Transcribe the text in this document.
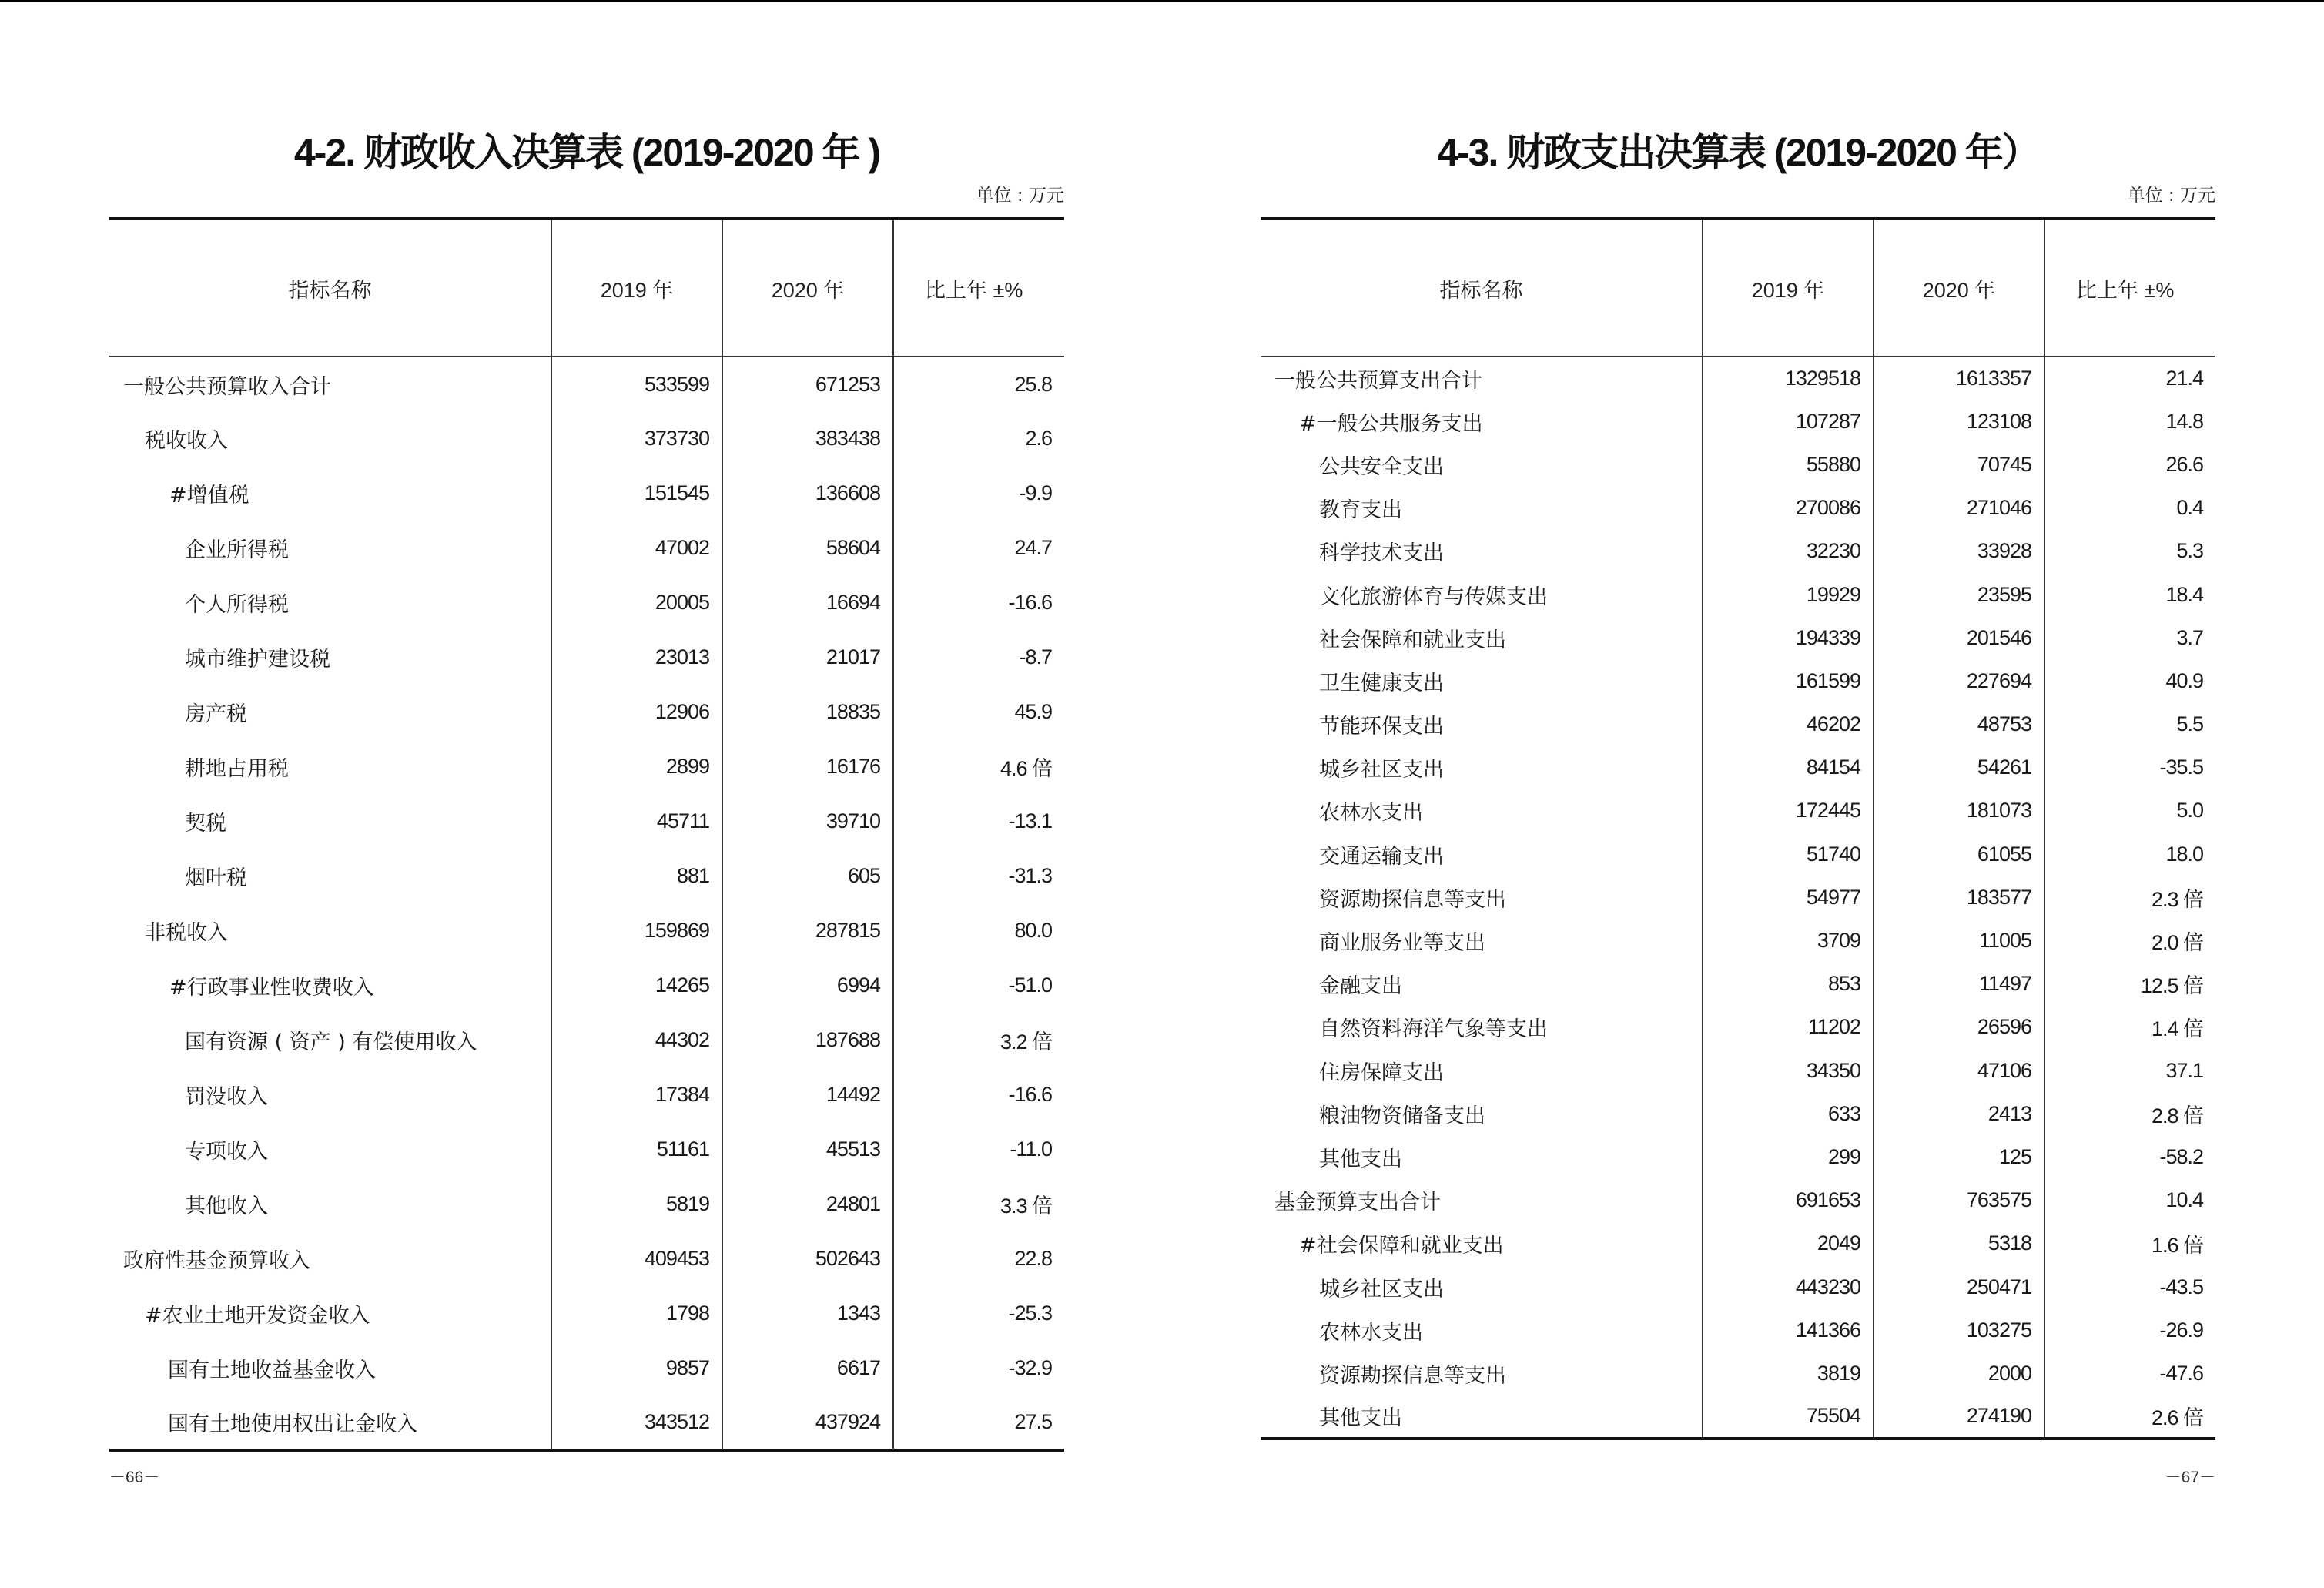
4-2. 财政收入决算表 (2019-2020 年 )
单位 : 万元
指标名称	2019 年	2020 年	比上年 ±%
一般公共预算收入合计	533599	671253	25.8
税收收入	373730	383438	2.6
#增值税	151545	136608	-9.9
企业所得税	47002	58604	24.7
个人所得税	20005	16694	-16.6
城市维护建设税	23013	21017	-8.7
房产税	12906	18835	45.9
耕地占用税	2899	16176	4.6 倍
契税	45711	39710	-13.1
烟叶税	881	605	-31.3
非税收入	159869	287815	80.0
#行政事业性收费收入	14265	6994	-51.0
国有资源 ( 资产 ) 有偿使用收入	44302	187688	3.2 倍
罚没收入	17384	14492	-16.6
专项收入	51161	45513	-11.0
其他收入	5819	24801	3.3 倍
政府性基金预算收入	409453	502643	22.8
#农业土地开发资金收入	1798	1343	-25.3
国有土地收益基金收入	9857	6617	-32.9
国有土地使用权出让金收入	343512	437924	27.5
－66－
4-3. 财政支出决算表 (2019-2020 年）
单位 : 万元
指标名称	2019 年	2020 年	比上年 ±%
一般公共预算支出合计	1329518	1613357	21.4
#一般公共服务支出	107287	123108	14.8
公共安全支出	55880	70745	26.6
教育支出	270086	271046	0.4
科学技术支出	32230	33928	5.3
文化旅游体育与传媒支出	19929	23595	18.4
社会保障和就业支出	194339	201546	3.7
卫生健康支出	161599	227694	40.9
节能环保支出	46202	48753	5.5
城乡社区支出	84154	54261	-35.5
农林水支出	172445	181073	5.0
交通运输支出	51740	61055	18.0
资源勘探信息等支出	54977	183577	2.3 倍
商业服务业等支出	3709	11005	2.0 倍
金融支出	853	11497	12.5 倍
自然资料海洋气象等支出	11202	26596	1.4 倍
住房保障支出	34350	47106	37.1
粮油物资储备支出	633	2413	2.8 倍
其他支出	299	125	-58.2
基金预算支出合计	691653	763575	10.4
#社会保障和就业支出	2049	5318	1.6 倍
城乡社区支出	443230	250471	-43.5
农林水支出	141366	103275	-26.9
资源勘探信息等支出	3819	2000	-47.6
其他支出	75504	274190	2.6 倍
－67－
